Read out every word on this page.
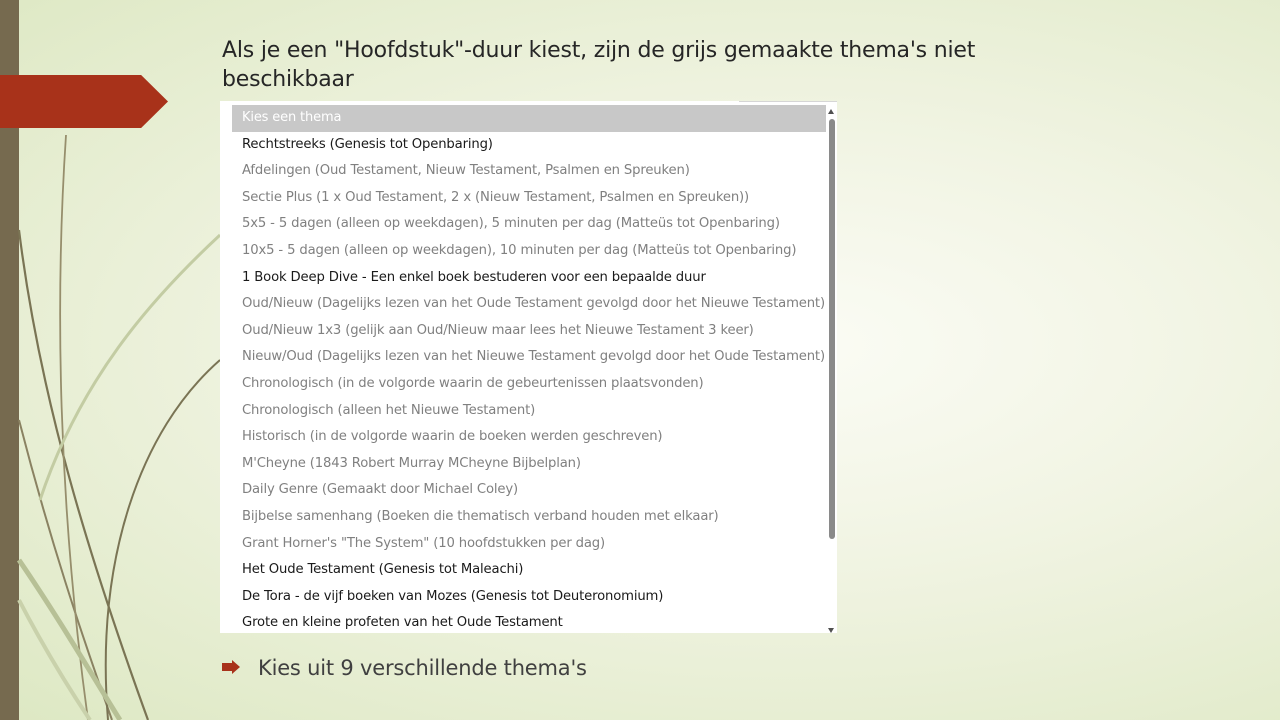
Als je een "Hoofdstuk"-duur kiest, zijn de grijs gemaakte thema's niet beschikbaar
Kies een thema
Rechtstreeks (Genesis tot Openbaring)
Afdelingen (Oud Testament, Nieuw Testament, Psalmen en Spreuken)
Sectie Plus (1 x Oud Testament, 2 x (Nieuw Testament, Psalmen en Spreuken))
5x5 - 5 dagen (alleen op weekdagen), 5 minuten per dag (Matteüs tot Openbaring)
10x5 - 5 dagen (alleen op weekdagen), 10 minuten per dag (Matteüs tot Openbaring)
1 Book Deep Dive - Een enkel boek bestuderen voor een bepaalde duur
Oud/Nieuw (Dagelijks lezen van het Oude Testament gevolgd door het Nieuwe Testament)
Oud/Nieuw 1x3 (gelijk aan Oud/Nieuw maar lees het Nieuwe Testament 3 keer)
Nieuw/Oud (Dagelijks lezen van het Nieuwe Testament gevolgd door het Oude Testament)
Chronologisch (in de volgorde waarin de gebeurtenissen plaatsvonden)
Chronologisch (alleen het Nieuwe Testament)
Historisch (in de volgorde waarin de boeken werden geschreven)
M'Cheyne (1843 Robert Murray MCheyne Bijbelplan)
Daily Genre (Gemaakt door Michael Coley)
Bijbelse samenhang (Boeken die thematisch verband houden met elkaar)
Grant Horner's "The System" (10 hoofdstukken per dag)
Het Oude Testament (Genesis tot Maleachi)
De Tora - de vijf boeken van Mozes (Genesis tot Deuteronomium)
Grote en kleine profeten van het Oude Testament
Kies uit 9 verschillende thema's
